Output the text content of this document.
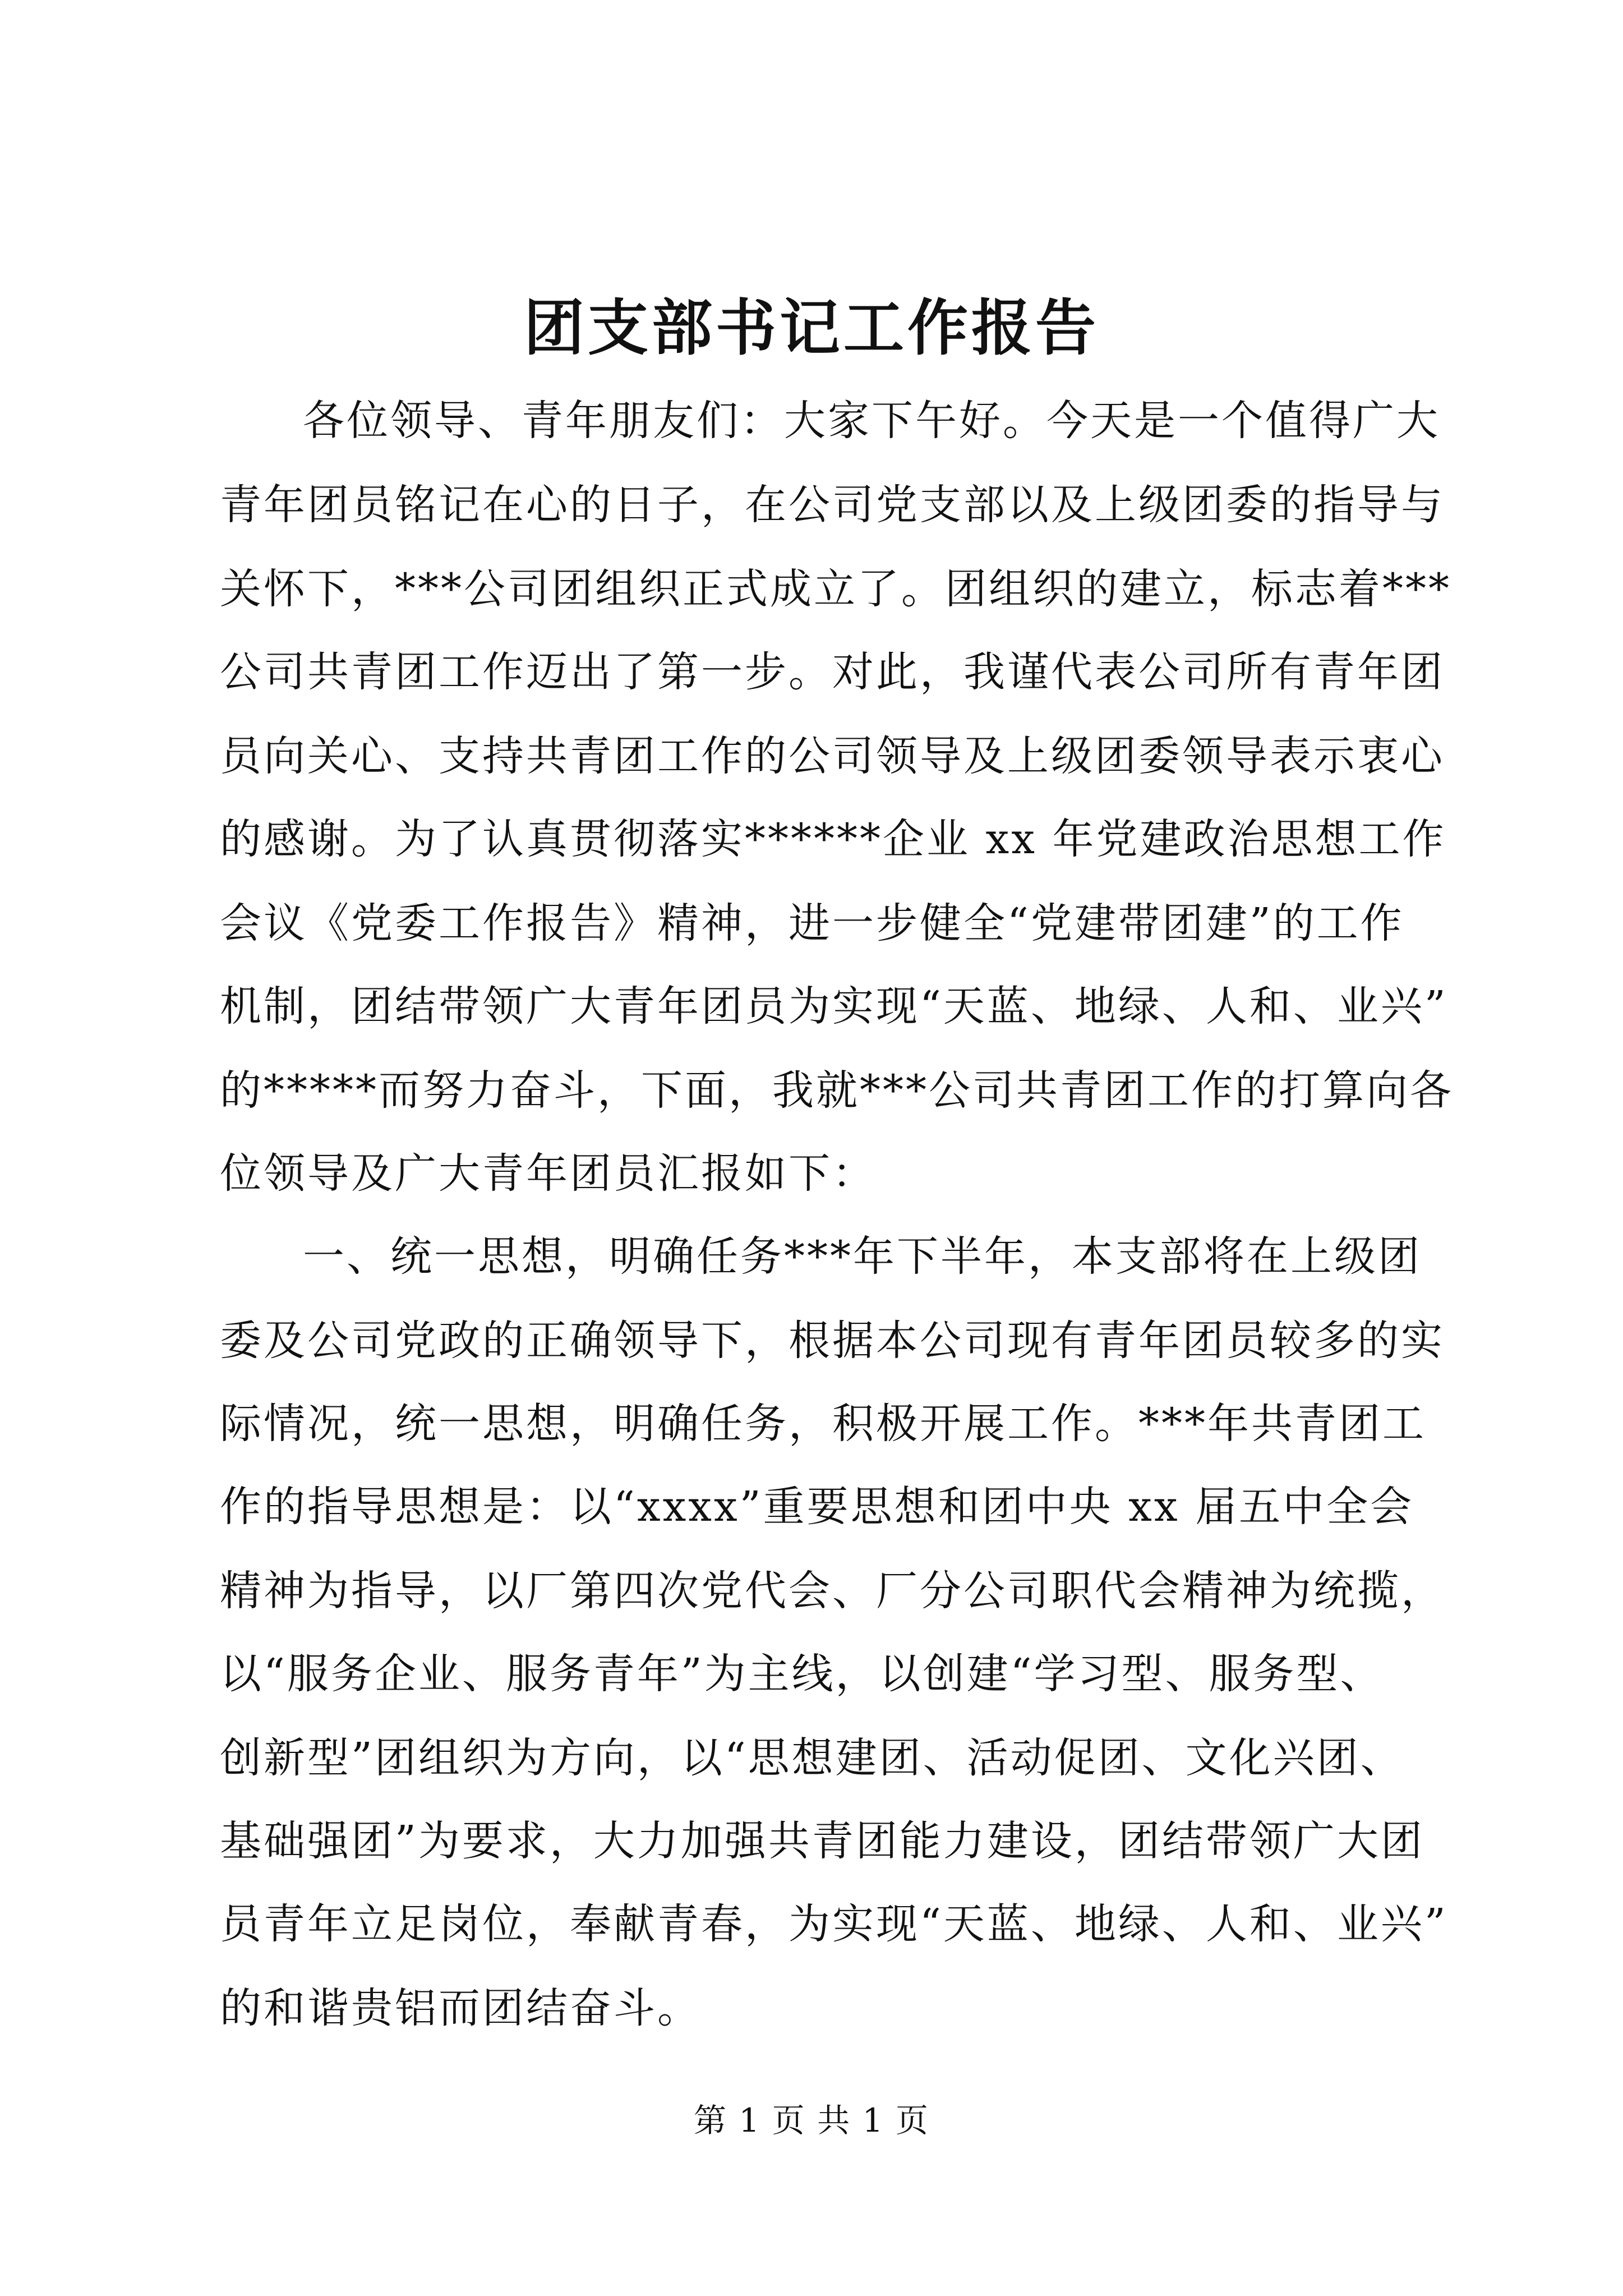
团支部书记工作报告
各位领导、青年朋友们：大家下午好。今天是一个值得广大
青年团员铭记在心的日子，在公司党支部以及上级团委的指导与
关怀下，***公司团组织正式成立了。团组织的建立，标志着***
公司共青团工作迈出了第一步。对此，我谨代表公司所有青年团
员向关心、支持共青团工作的公司领导及上级团委领导表示衷心
的感谢。为了认真贯彻落实******企业 xx 年党建政治思想工作
会议《党委工作报告》精神，进一步健全“党建带团建”的工作
机制，团结带领广大青年团员为实现“天蓝、地绿、人和、业兴”
的*****而努力奋斗，下面，我就***公司共青团工作的打算向各
位领导及广大青年团员汇报如下：
一、统一思想，明确任务***年下半年，本支部将在上级团
委及公司党政的正确领导下，根据本公司现有青年团员较多的实
际情况，统一思想，明确任务，积极开展工作。***年共青团工
作的指导思想是：以“xxxx”重要思想和团中央 xx 届五中全会
精神为指导，以厂第四次党代会、厂分公司职代会精神为统揽，
以“服务企业、服务青年”为主线，以创建“学习型、服务型、
创新型”团组织为方向，以“思想建团、活动促团、文化兴团、
基础强团”为要求，大力加强共青团能力建设，团结带领广大团
员青年立足岗位，奉献青春，为实现“天蓝、地绿、人和、业兴”
的和谐贵铝而团结奋斗。
第 1 页 共 1 页
